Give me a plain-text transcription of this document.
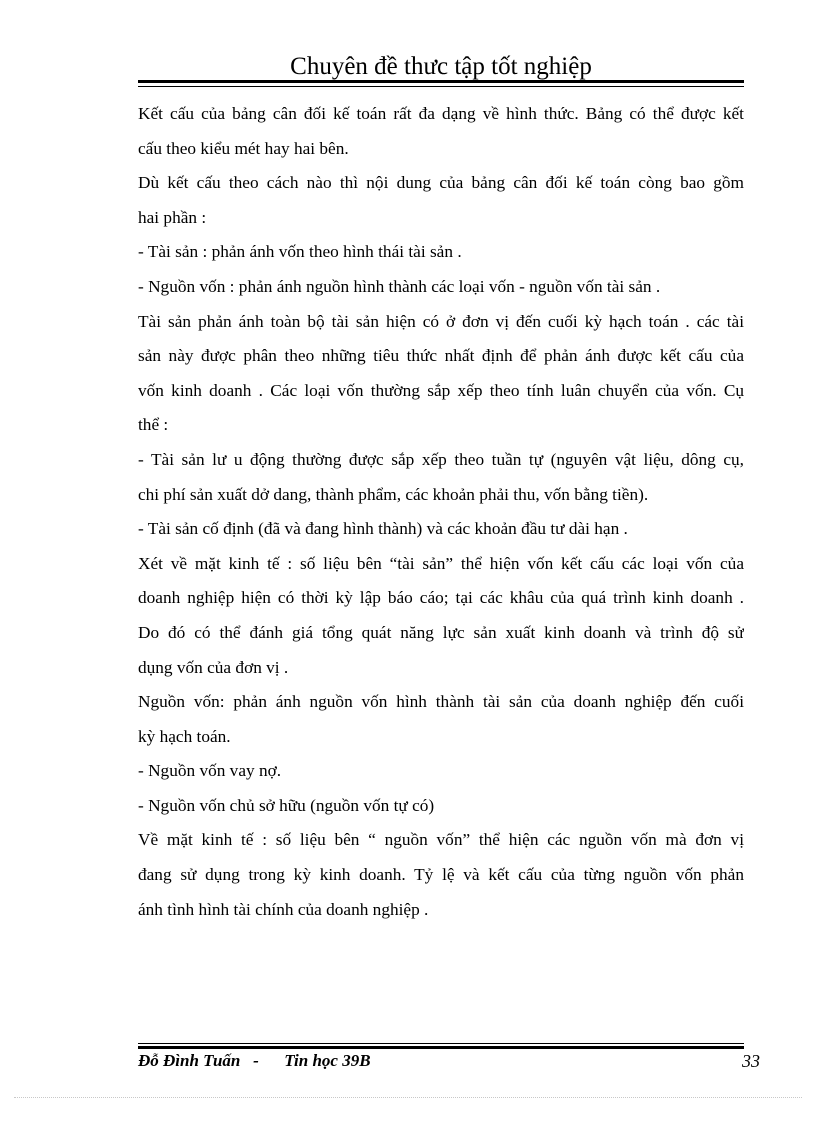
Chuyên đề thưc tập tốt nghiệp
Kết cấu của bảng cân đối kế toán rất đa dạng về hình thức. Bảng có thể được kết
cấu theo kiểu mét hay hai bên.
Dù kết cấu theo cách nào thì nội dung của bảng cân đối kế toán còng bao gồm
hai phần :
- Tài sản : phản ánh vốn theo hình thái tài sản .
- Nguồn vốn : phản ánh nguồn hình thành các loại vốn - nguồn vốn tài sản .
Tài sản phản ánh toàn bộ tài sản hiện có ở đơn vị đến cuối kỳ hạch toán . các tài
sản này được phân theo những tiêu thức nhất định để phản ánh được kết cấu của
vốn kinh doanh . Các loại vốn thường sắp xếp theo tính luân chuyển của vốn. Cụ
thể :
- Tài sản lư u động thường được sắp xếp theo tuần tự (nguyên vật liệu, dông cụ,
chi phí sản xuất dở dang, thành phẩm, các khoản phải thu, vốn bằng tiền).
- Tài sản cố định (đã và đang hình thành) và các khoản đầu tư dài hạn .
Xét về mặt kinh tế : số liệu bên “tài sản” thể hiện vốn kết cấu các loại vốn của
doanh nghiệp hiện có thời kỳ lập báo cáo; tại các khâu của quá trình kinh doanh .
Do đó có thể đánh giá tổng quát năng lực sản xuất kinh doanh và trình độ sử
dụng vốn của đơn vị .
Nguồn vốn: phản ánh nguồn vốn hình thành tài sản của doanh nghiệp đến cuối
kỳ hạch toán.
- Nguồn vốn vay nợ.
- Nguồn vốn chủ sở hữu (nguồn vốn tự có)
Về mặt kinh tế : số liệu bên “ nguồn vốn” thể hiện các nguồn vốn mà đơn vị
đang sử dụng trong kỳ kinh doanh. Tỷ lệ và kết cấu của từng nguồn vốn phản
ánh tình hình tài chính của doanh nghiệp .
Đỗ Đình Tuấn - Tin học 39B	33
